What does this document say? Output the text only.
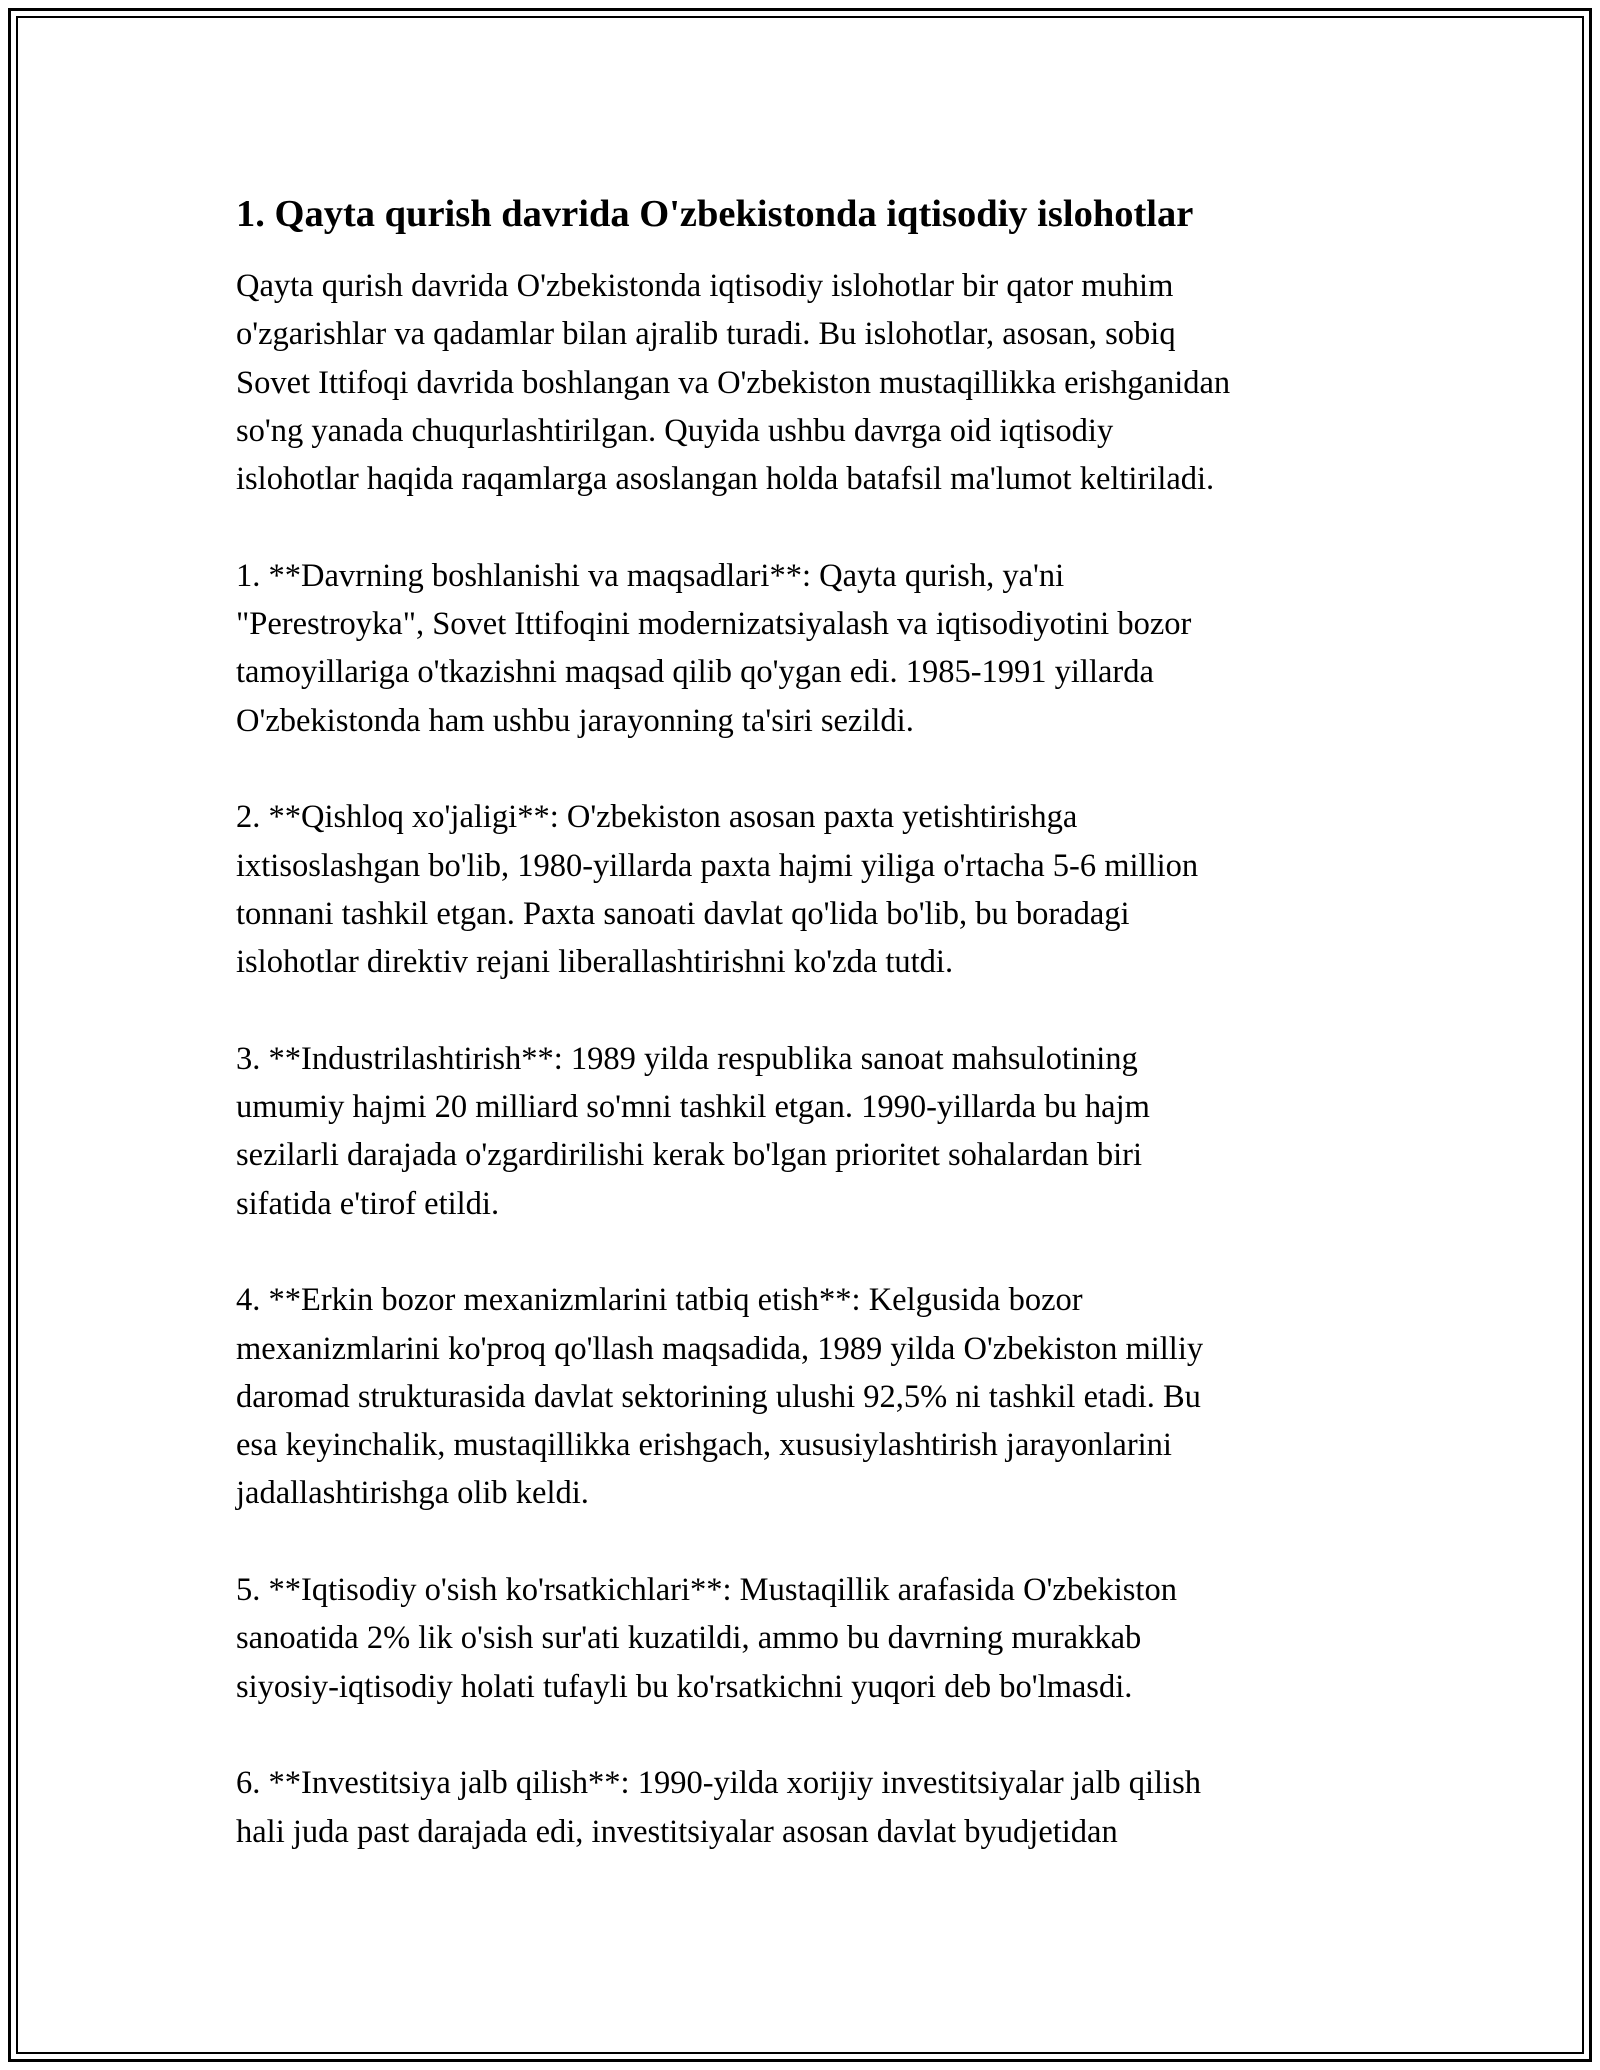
1. Qayta qurish davrida O'zbekistonda iqtisodiy islohotlar

Qayta qurish davrida O'zbekistonda iqtisodiy islohotlar bir qator muhim
o'zgarishlar va qadamlar bilan ajralib turadi. Bu islohotlar, asosan, sobiq
Sovet Ittifoqi davrida boshlangan va O'zbekiston mustaqillikka erishganidan
so'ng yanada chuqurlashtirilgan. Quyida ushbu davrga oid iqtisodiy
islohotlar haqida raqamlarga asoslangan holda batafsil ma'lumot keltiriladi.

1. **Davrning boshlanishi va maqsadlari**: Qayta qurish, ya'ni
"Perestroyka", Sovet Ittifoqini modernizatsiyalash va iqtisodiyotini bozor
tamoyillariga o'tkazishni maqsad qilib qo'ygan edi. 1985-1991 yillarda
O'zbekistonda ham ushbu jarayonning ta'siri sezildi.

2. **Qishloq xo'jaligi**: O'zbekiston asosan paxta yetishtirishga
ixtisoslashgan bo'lib, 1980-yillarda paxta hajmi yiliga o'rtacha 5-6 million
tonnani tashkil etgan. Paxta sanoati davlat qo'lida bo'lib, bu boradagi
islohotlar direktiv rejani liberallashtirishni ko'zda tutdi.

3. **Industrilashtirish**: 1989 yilda respublika sanoat mahsulotining
umumiy hajmi 20 milliard so'mni tashkil etgan. 1990-yillarda bu hajm
sezilarli darajada o'zgardirilishi kerak bo'lgan prioritet sohalardan biri
sifatida e'tirof etildi.

4. **Erkin bozor mexanizmlarini tatbiq etish**: Kelgusida bozor
mexanizmlarini ko'proq qo'llash maqsadida, 1989 yilda O'zbekiston milliy
daromad strukturasida davlat sektorining ulushi 92,5% ni tashkil etadi. Bu
esa keyinchalik, mustaqillikka erishgach, xususiylashtirish jarayonlarini
jadallashtirishga olib keldi.

5. **Iqtisodiy o'sish ko'rsatkichlari**: Mustaqillik arafasida O'zbekiston
sanoatida 2% lik o'sish sur'ati kuzatildi, ammo bu davrning murakkab
siyosiy-iqtisodiy holati tufayli bu ko'rsatkichni yuqori deb bo'lmasdi.

6. **Investitsiya jalb qilish**: 1990-yilda xorijiy investitsiyalar jalb qilish
hali juda past darajada edi, investitsiyalar asosan davlat byudjetidan
